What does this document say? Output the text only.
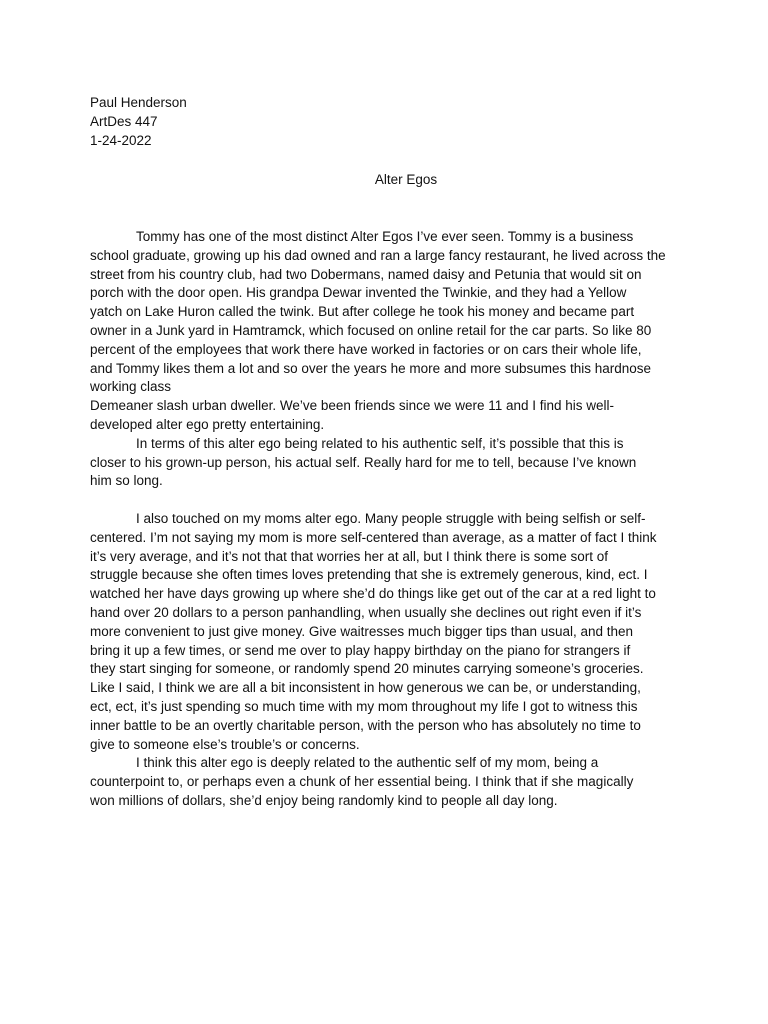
Paul Henderson
ArtDes 447
1-24-2022
Alter Egos
Tommy has one of the most distinct Alter Egos I’ve ever seen. Tommy is a business
school graduate, growing up his dad owned and ran a large fancy restaurant, he lived across the
street from his country club, had two Dobermans, named daisy and Petunia that would sit on
porch with the door open. His grandpa Dewar invented the Twinkie, and they had a Yellow
yatch on Lake Huron called the twink. But after college he took his money and became part
owner in a Junk yard in Hamtramck, which focused on online retail for the car parts. So like 80
percent of the employees that work there have worked in factories or on cars their whole life,
and Tommy likes them a lot and so over the years he more and more subsumes this hardnose
working class
Demeaner slash urban dweller. We’ve been friends since we were 11 and I find his well-
developed alter ego pretty entertaining.
In terms of this alter ego being related to his authentic self, it’s possible that this is
closer to his grown-up person, his actual self. Really hard for me to tell, because I’ve known
him so long.
I also touched on my moms alter ego. Many people struggle with being selfish or self-
centered. I’m not saying my mom is more self-centered than average, as a matter of fact I think
it’s very average, and it’s not that that worries her at all, but I think there is some sort of
struggle because she often times loves pretending that she is extremely generous, kind, ect. I
watched her have days growing up where she’d do things like get out of the car at a red light to
hand over 20 dollars to a person panhandling, when usually she declines out right even if it’s
more convenient to just give money. Give waitresses much bigger tips than usual, and then
bring it up a few times, or send me over to play happy birthday on the piano for strangers if
they start singing for someone, or randomly spend 20 minutes carrying someone’s groceries.
Like I said, I think we are all a bit inconsistent in how generous we can be, or understanding,
ect, ect, it’s just spending so much time with my mom throughout my life I got to witness this
inner battle to be an overtly charitable person, with the person who has absolutely no time to
give to someone else’s trouble’s or concerns.
I think this alter ego is deeply related to the authentic self of my mom, being a
counterpoint to, or perhaps even a chunk of her essential being. I think that if she magically
won millions of dollars, she’d enjoy being randomly kind to people all day long.
